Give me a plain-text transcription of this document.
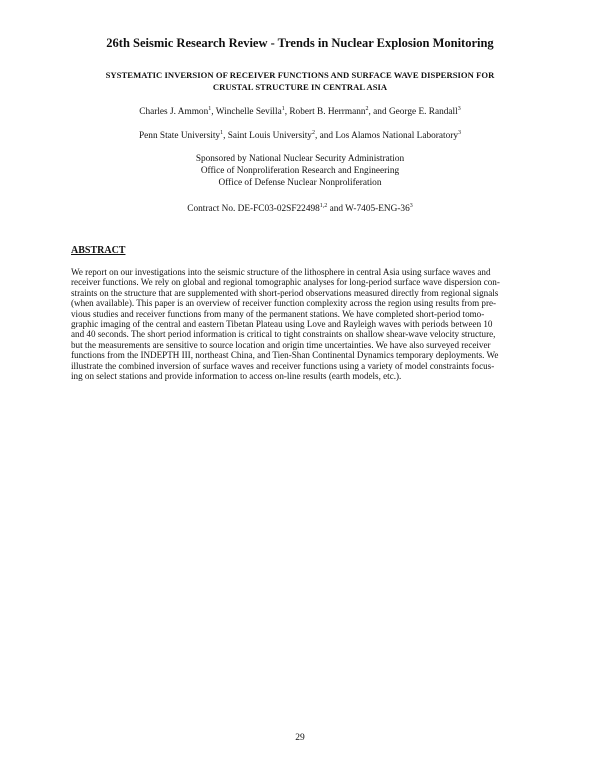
26th Seismic Research Review - Trends in Nuclear Explosion Monitoring
SYSTEMATIC INVERSION OF RECEIVER FUNCTIONS AND SURFACE WAVE DISPERSION FOR
CRUSTAL STRUCTURE IN CENTRAL ASIA
Charles J. Ammon$^1$, Winchelle Sevilla$^1$, Robert B. Herrmann$^2$, and George E. Randall$^3$
Penn State University$^1$, Saint Louis University$^2$, and Los Alamos National Laboratory$^3$
Sponsored by National Nuclear Security Administration
Office of Nonproliferation Research and Engineering
Office of Defense Nuclear Nonproliferation
Contract No. DE-FC03-02SF22498$^{1,2}$ and $W-7405-ENG-36^3$
ABSTRACT
We report on our investigations into the seismic structure of the lithosphere in central Asia using surface waves and
receiver functions. We rely on global and regional tomographic analyses for long-period surface wave dispersion con-
straints on the structure that are supplemented with short-period observations measured directly from regional signals
(when available). This paper is an overview of receiver function complexity across the region using results from pre-
vious studies and receiver functions from many of the permanent stations. We have completed short-period tomo-
graphic imaging of the central and eastern Tibetan Plateau using Love and Rayleigh waves with periods between 10
and 40 seconds. The short period information is critical to tight constraints on shallow shear-wave velocity structure,
but the measurements are sensitive to source location and origin time uncertainties. We have also surveyed receiver
functions from the INDEPTH III, northeast China, and Tien-Shan Continental Dynamics temporary deployments. We
illustrate the combined inversion of surface waves and receiver functions using a variety of model constraints focus-
ing on select stations and provide information to access on-line results (earth models, etc.).
29
